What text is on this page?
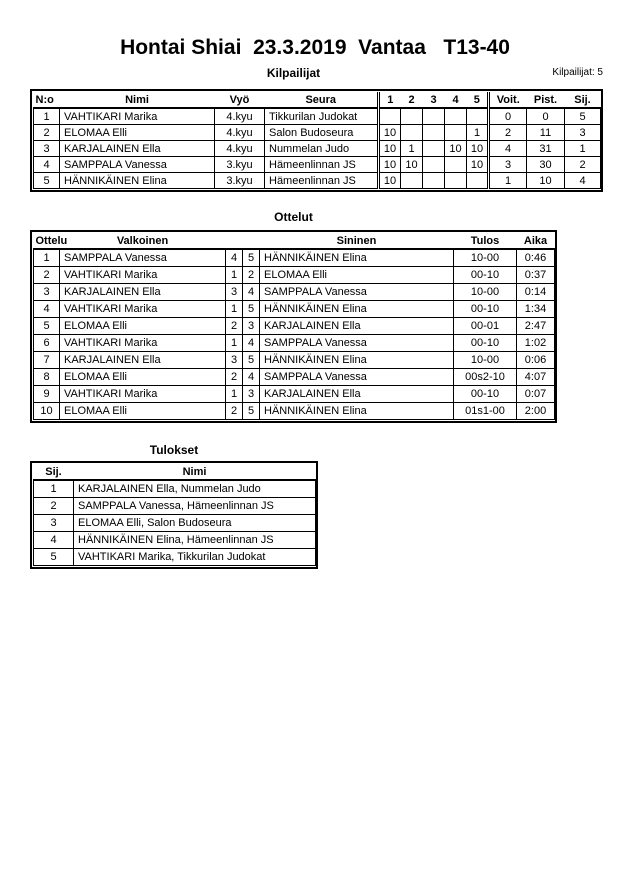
Hontai Shiai  23.3.2019  Vantaa   T13-40
Kilpailijat	Kilpailijat: 5
N:o	Nimi	Vyö	Seura	1	2	3	4	5	Voit.	Pist.	Sij.
1	VAHTIKARI Marika	4.kyu	Tikkurilan Judokat						0	0	5
2	ELOMAA Elli	4.kyu	Salon Budoseura	10				1	2	11	3
3	KARJALAINEN Ella	4.kyu	Nummelan Judo	10	1		10	10	4	31	1
4	SAMPPALA Vanessa	3.kyu	Hämeenlinnan JS	10	10			10	3	30	2
5	HÄNNIKÄINEN Elina	3.kyu	Hämeenlinnan JS	10					1	10	4
Ottelut
Ottelu	Valkoinen			Sininen	Tulos	Aika
1	SAMPPALA Vanessa	4	5	HÄNNIKÄINEN Elina	10-00	0:46
2	VAHTIKARI Marika	1	2	ELOMAA Elli	00-10	0:37
3	KARJALAINEN Ella	3	4	SAMPPALA Vanessa	10-00	0:14
4	VAHTIKARI Marika	1	5	HÄNNIKÄINEN Elina	00-10	1:34
5	ELOMAA Elli	2	3	KARJALAINEN Ella	00-01	2:47
6	VAHTIKARI Marika	1	4	SAMPPALA Vanessa	00-10	1:02
7	KARJALAINEN Ella	3	5	HÄNNIKÄINEN Elina	10-00	0:06
8	ELOMAA Elli	2	4	SAMPPALA Vanessa	00s2-10	4:07
9	VAHTIKARI Marika	1	3	KARJALAINEN Ella	00-10	0:07
10	ELOMAA Elli	2	5	HÄNNIKÄINEN Elina	01s1-00	2:00
Tulokset
Sij.	Nimi
1	KARJALAINEN Ella, Nummelan Judo
2	SAMPPALA Vanessa, Hämeenlinnan JS
3	ELOMAA Elli, Salon Budoseura
4	HÄNNIKÄINEN Elina, Hämeenlinnan JS
5	VAHTIKARI Marika, Tikkurilan Judokat
